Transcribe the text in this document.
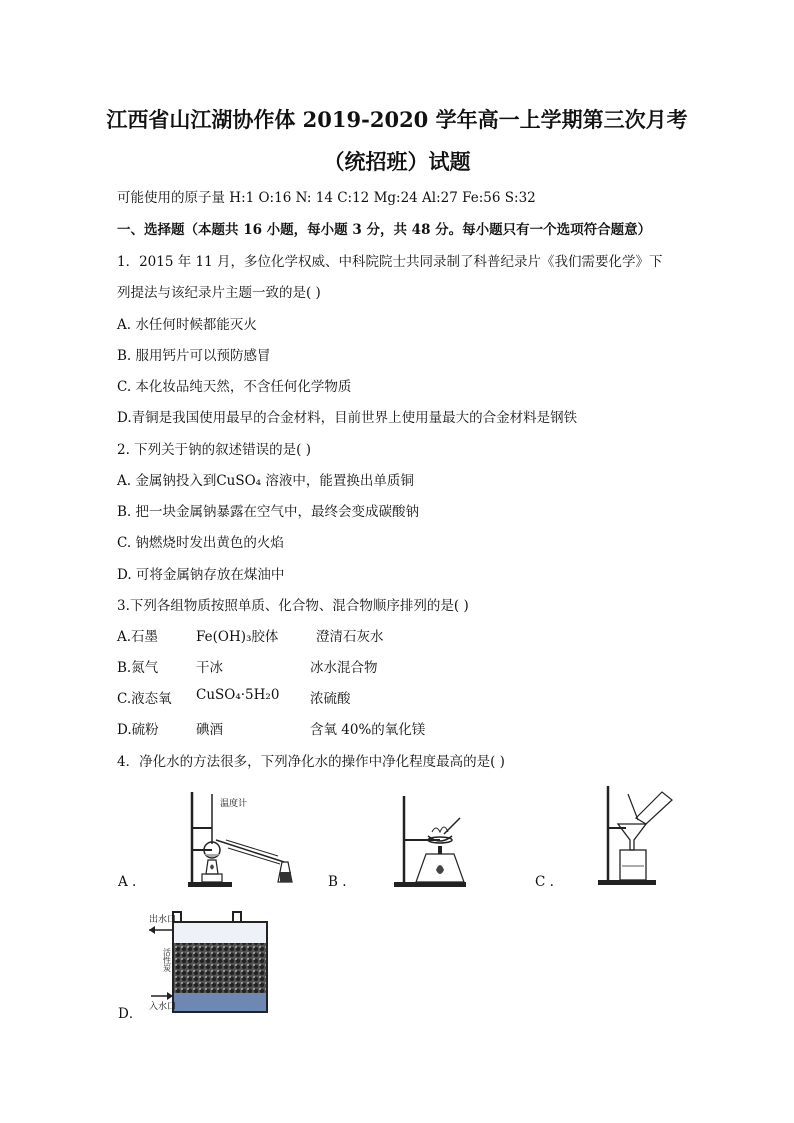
江西省山江湖协作体 2019-2020 学年高一上学期第三次月考
（统招班）试题
可能使用的原子量 H:1 O:16 N: 14 C:12 Mg:24 Al:27 Fe:56 S:32
一、选择题（本题共 16 小题，每小题 3 分，共 48 分。每小题只有一个选项符合题意）
1．2015 年 11 月，多位化学权威、中科院院士共同录制了科普纪录片《我们需要化学》下
列提法与该纪录片主题一致的是( )
A. 水任何时候都能灭火
B. 服用钙片可以预防感冒
C. 本化妆品纯天然，不含任何化学物质
D.青铜是我国使用最早的合金材料，目前世界上使用量最大的合金材料是钢铁
2. 下列关于钠的叙述错误的是( )
A. 金属钠投入到CuSO₄ 溶液中，能置换出单质铜
B. 把一块金属钠暴露在空气中，最终会变成碳酸钠
C. 钠燃烧时发出黄色的火焰
D. 可将金属钠存放在煤油中
3.下列各组物质按照单质、化合物、混合物顺序排列的是( )
A.石墨	Fe(OH)₃胶体	澄清石灰水
B.氮气	干冰	冰水混合物
C.液态氧 CuSO₄·5H₂0 浓硫酸
D.硫粉	碘酒	含氧 40%的氧化镁
4．净化水的方法很多，下列净化水的操作中净化程度最高的是( )
A .	B .	C .
D．
温度计
出水口
入水口
活性炭
